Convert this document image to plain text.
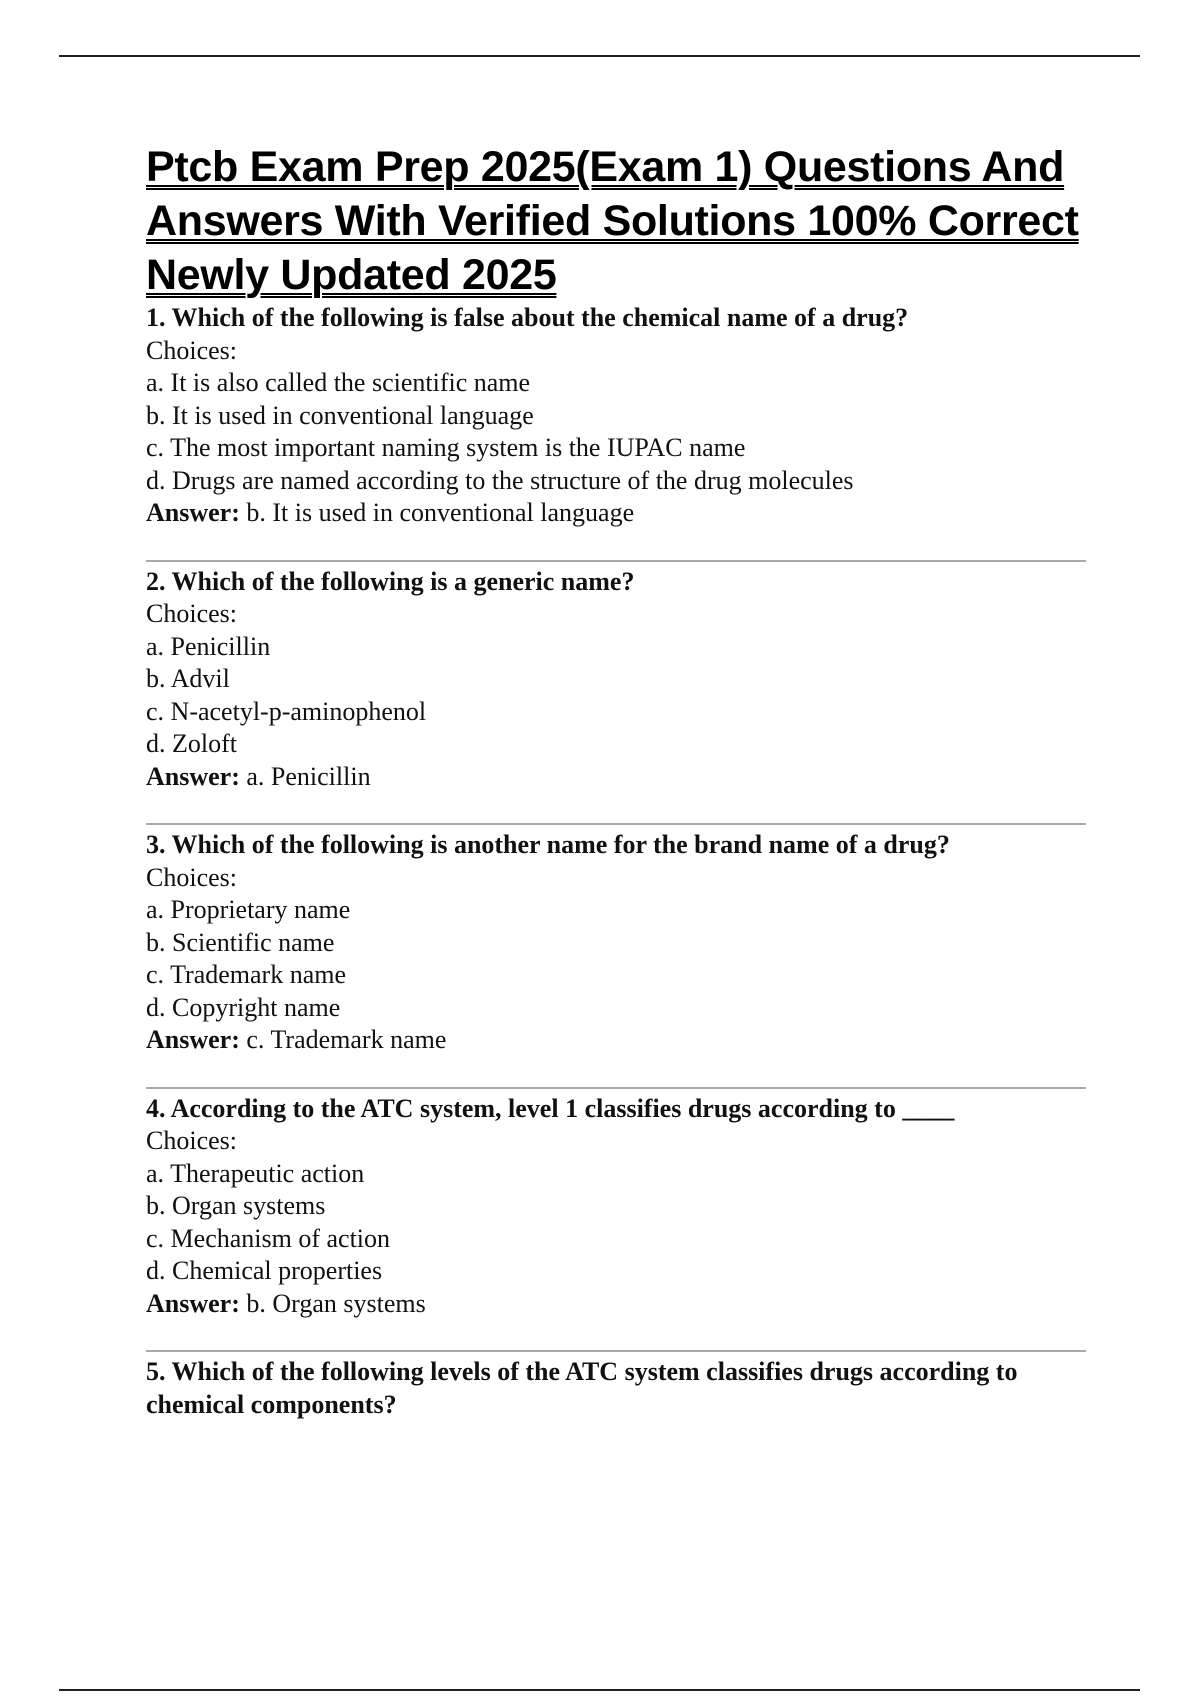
Ptcb Exam Prep 2025(Exam 1) Questions And Answers With Verified Solutions 100% Correct Newly Updated 2025
1. Which of the following is false about the chemical name of a drug?
Choices:
a. It is also called the scientific name
b. It is used in conventional language
c. The most important naming system is the IUPAC name
d. Drugs are named according to the structure of the drug molecules
Answer: b. It is used in conventional language
2. Which of the following is a generic name?
Choices:
a. Penicillin
b. Advil
c. N-acetyl-p-aminophenol
d. Zoloft
Answer: a. Penicillin
3. Which of the following is another name for the brand name of a drug?
Choices:
a. Proprietary name
b. Scientific name
c. Trademark name
d. Copyright name
Answer: c. Trademark name
4. According to the ATC system, level 1 classifies drugs according to ____
Choices:
a. Therapeutic action
b. Organ systems
c. Mechanism of action
d. Chemical properties
Answer: b. Organ systems
5. Which of the following levels of the ATC system classifies drugs according to chemical components?
